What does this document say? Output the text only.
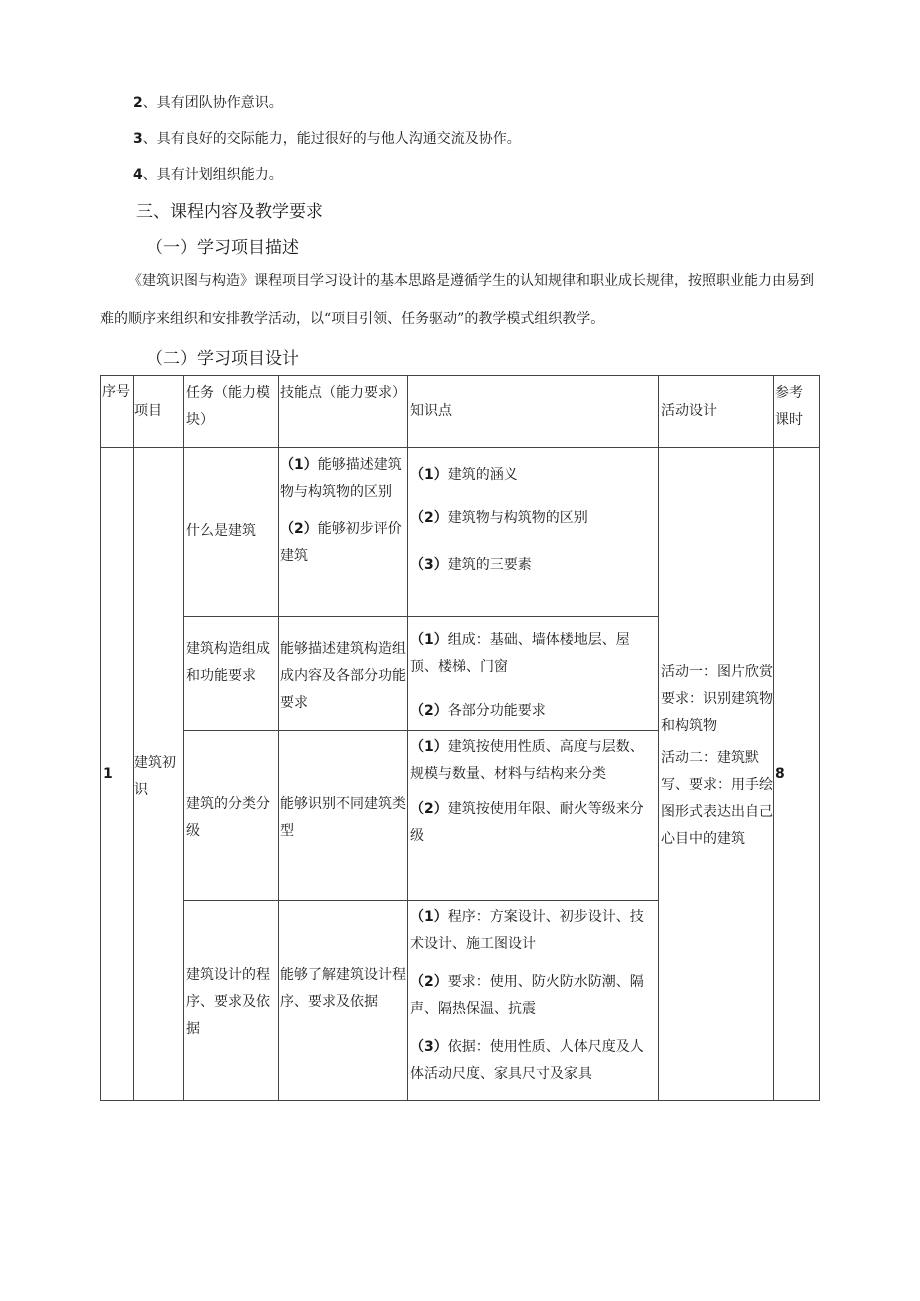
2、具有团队协作意识。
3、具有良好的交际能力，能过很好的与他人沟通交流及协作。
4、具有计划组织能力。
三、课程内容及教学要求
（一）学习项目描述
《建筑识图与构造》课程项目学习设计的基本思路是遵循学生的认知规律和职业成长规律，按照职业能力由易到难的顺序来组织和安排教学活动，以“项目引领、任务驱动”的教学模式组织教学。
（二）学习项目设计
序号
项目
任务（能力模块）
技能点（能力要求）
知识点	活动设计
参考课时
1
建筑初识
8

活动一：图片欣赏要求：识别建筑物和构筑物

活动二：建筑默写、要求：用手绘图形式表达出自己心目中的建筑

什么是建筑

（1）能够描述建筑物与构筑物的区别

（2）能够初步评价建筑

（1）建筑的涵义

（2）建筑物与构筑物的区别

（3）建筑的三要素

建筑构造组成和功能要求
能够描述建筑构造组成内容及各部分功能要求

（1）组成：基础、墙体楼地层、屋顶、楼梯、门窗

（2）各部分功能要求

建筑的分类分级
能够识别不同建筑类型

（1）建筑按使用性质、高度与层数、规模与数量、材料与结构来分类

（2）建筑按使用年限、耐火等级来分级

建筑设计的程序、要求及依据
能够了解建筑设计程序、要求及依据

（1）程序：方案设计、初步设计、技术设计、施工图设计

（2）要求：使用、防火防水防潮、隔声、隔热保温、抗震

（3）依据：使用性质、人体尺度及人体活动尺度、家具尺寸及家具
